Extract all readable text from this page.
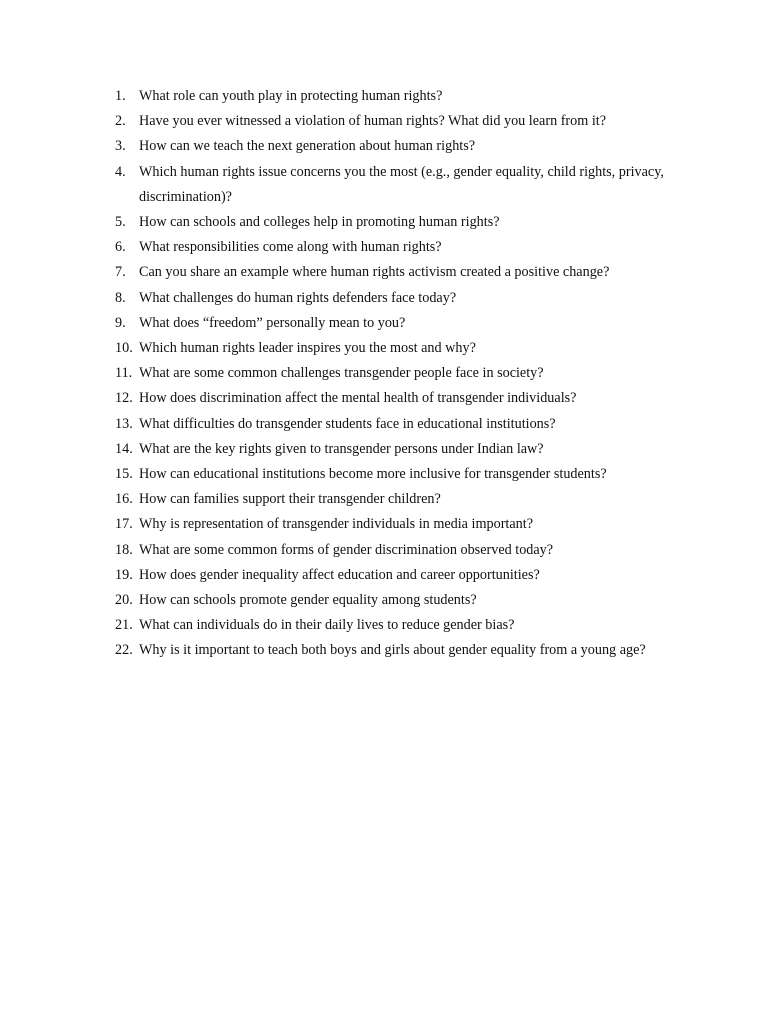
1. What role can youth play in protecting human rights?
2. Have you ever witnessed a violation of human rights? What did you learn from it?
3. How can we teach the next generation about human rights?
4. Which human rights issue concerns you the most (e.g., gender equality, child rights, privacy, discrimination)?
5. How can schools and colleges help in promoting human rights?
6. What responsibilities come along with human rights?
7. Can you share an example where human rights activism created a positive change?
8. What challenges do human rights defenders face today?
9. What does “freedom” personally mean to you?
10. Which human rights leader inspires you the most and why?
11. What are some common challenges transgender people face in society?
12. How does discrimination affect the mental health of transgender individuals?
13. What difficulties do transgender students face in educational institutions?
14. What are the key rights given to transgender persons under Indian law?
15. How can educational institutions become more inclusive for transgender students?
16. How can families support their transgender children?
17. Why is representation of transgender individuals in media important?
18. What are some common forms of gender discrimination observed today?
19. How does gender inequality affect education and career opportunities?
20. How can schools promote gender equality among students?
21. What can individuals do in their daily lives to reduce gender bias?
22. Why is it important to teach both boys and girls about gender equality from a young age?
